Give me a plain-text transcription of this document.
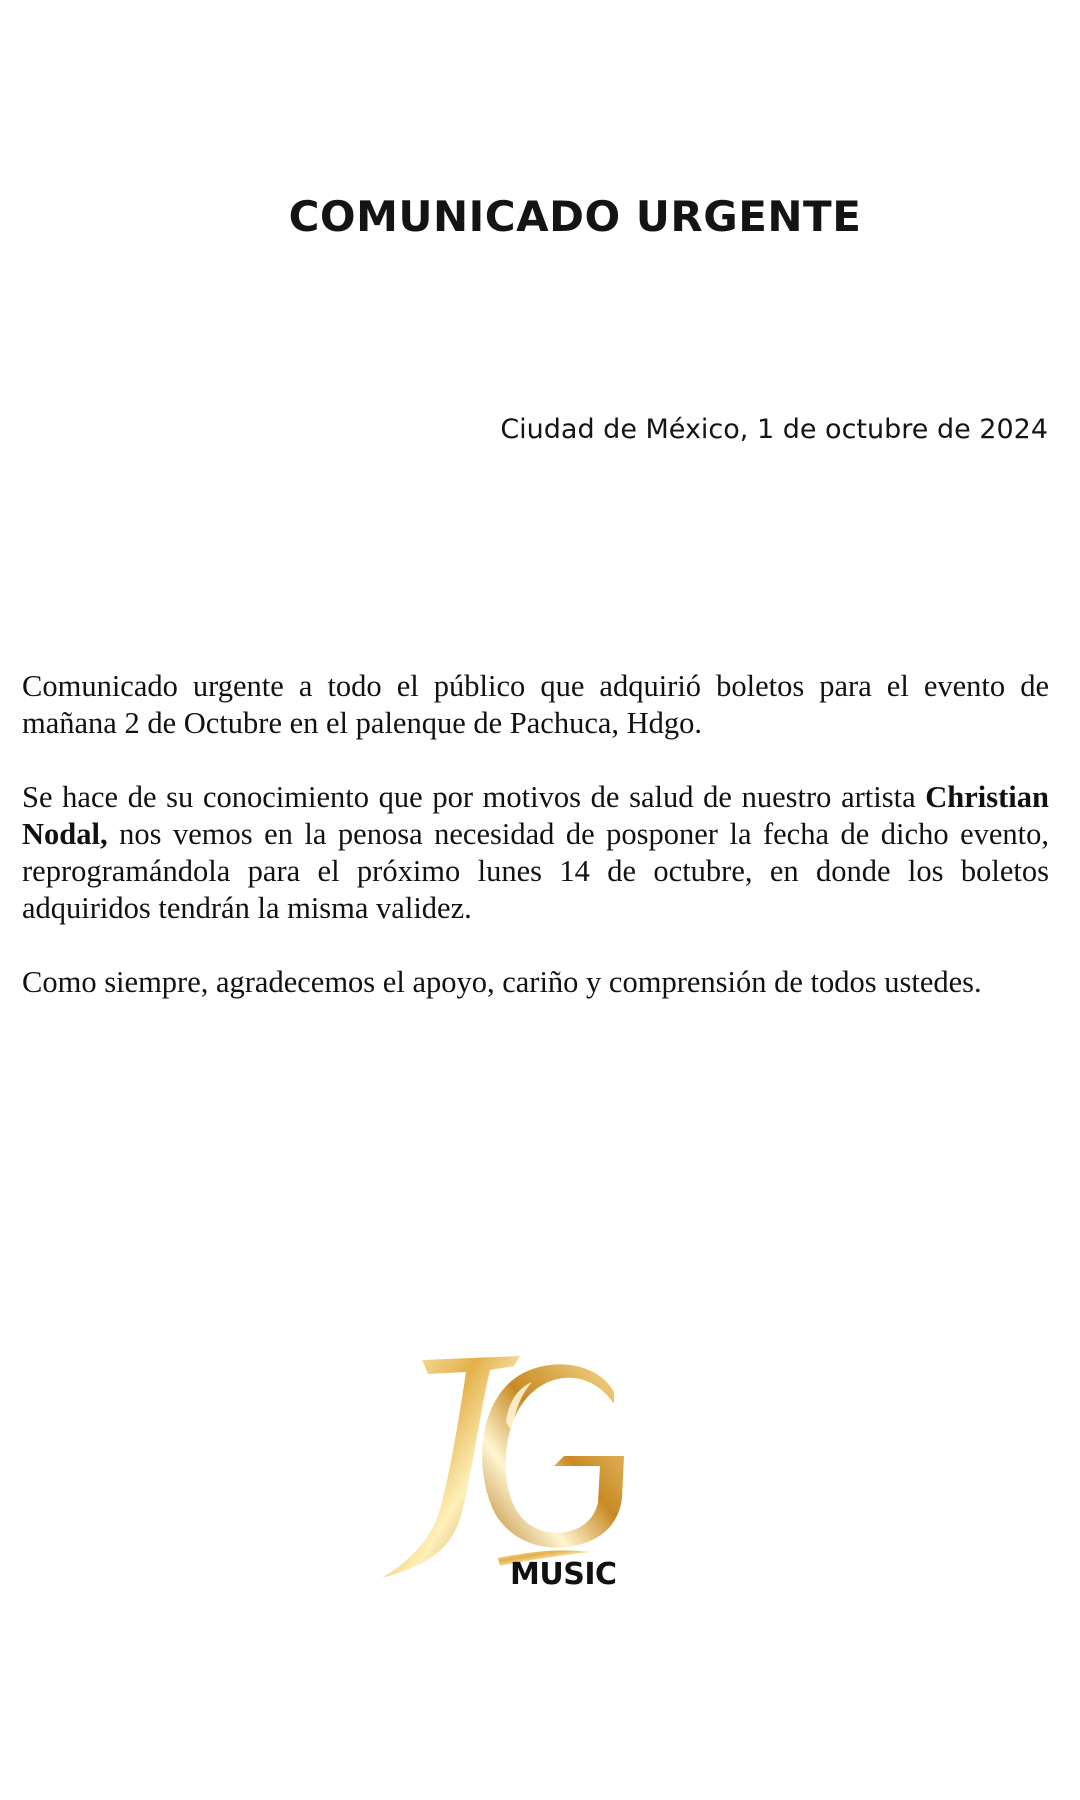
COMUNICADO URGENTE

Ciudad de México, 1 de octubre de 2024

Comunicado urgente a todo el público que adquirió boletos para el evento de mañana 2 de Octubre en el palenque de Pachuca, Hdgo.

Se hace de su conocimiento que por motivos de salud de nuestro artista Christian Nodal, nos vemos en la penosa necesidad de posponer la fecha de dicho evento, reprogramándola para el próximo lunes 14 de octubre, en donde los boletos adquiridos tendrán la misma validez.

Como siempre, agradecemos el apoyo, cariño y comprensión de todos ustedes.

MUSIC
